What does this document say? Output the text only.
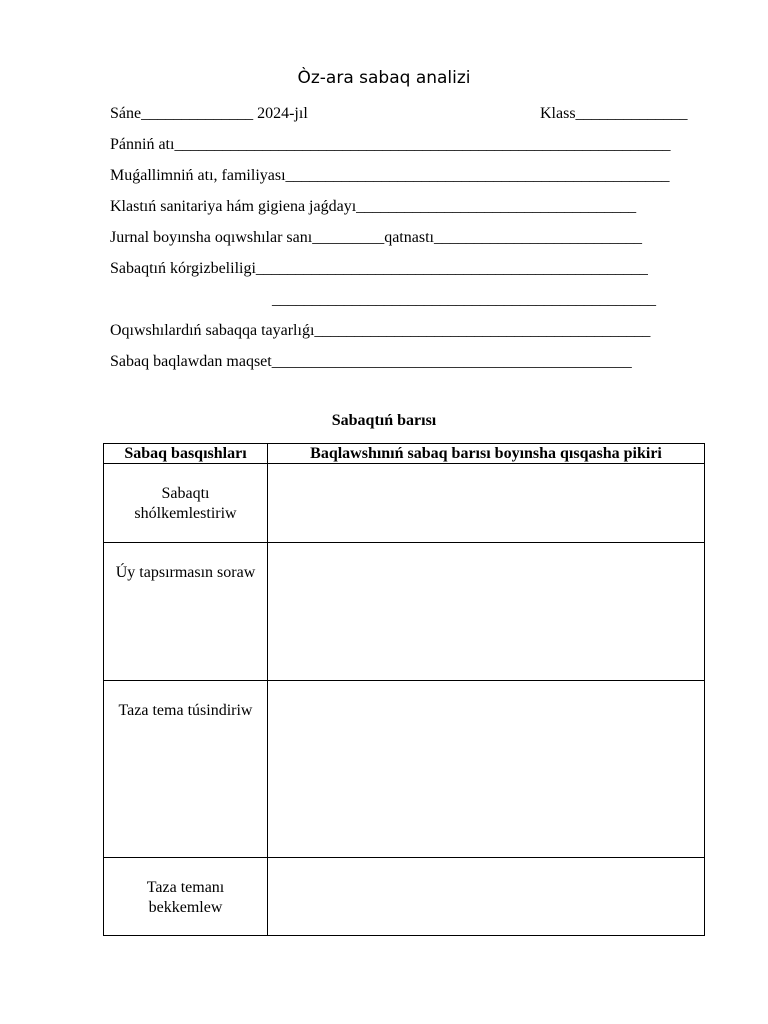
Òz-ara sabaq analizi
Sáne______________ 2024-jıl	Klass______________
Pánniń atı______________________________________________________________
Muǵallimniń atı, familiyası________________________________________________
Klastıń sanitariya hám gigiena jaǵdayı___________________________________
Jurnal boyınsha oqıwshılar sanı_________qatnastı__________________________
Sabaqtıń kórgizbeliligi_________________________________________________
________________________________________________
Oqıwshılardıń sabaqqa tayarlıǵı__________________________________________
Sabaq baqlawdan maqset_____________________________________________
Sabaqtıń barısı
Sabaq basqıshları	Baqlawshınıń sabaq barısı boyınsha qısqasha pikiri
Sabaqtı shólkemlestiriw	
Úy tapsırmasın soraw	
Taza tema túsindiriw	
Taza temanı bekkemlew	
